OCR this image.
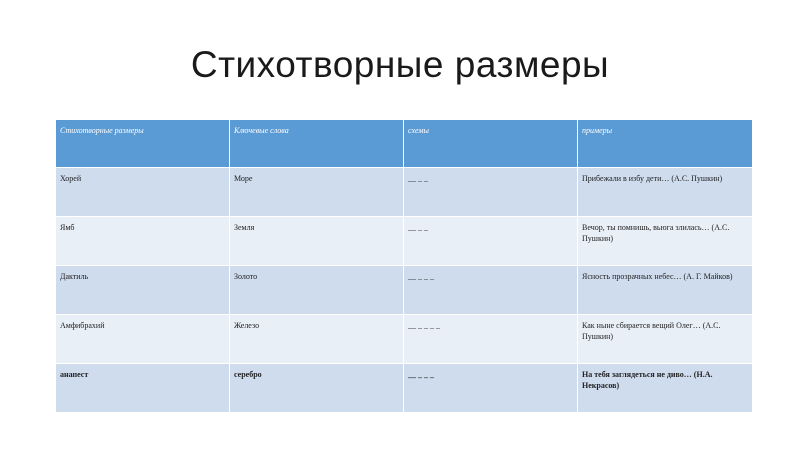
Стихотворные размеры
Стихотворные размеры	Ключевые слова	схемы	примеры
Хорей	Море	__ _ _	Прибежали в избу дети… (А.С. Пушкин)
Ямб	Земля	__ _ _	Вечор, ты помнишь, вьюга злилась… (А.С. Пушкин)
Дактиль	Золото	__ _ _ _	Ясность прозрачных небес… (А. Г. Майков)
Амфибрахий	Железо	__ _ _ _ _	Как ныне сбирается вещий Олег… (А.С. Пушкин)
анапест	серебро	__ _ _ _	На тебя заглядеться не диво… (Н.А. Некрасов)
